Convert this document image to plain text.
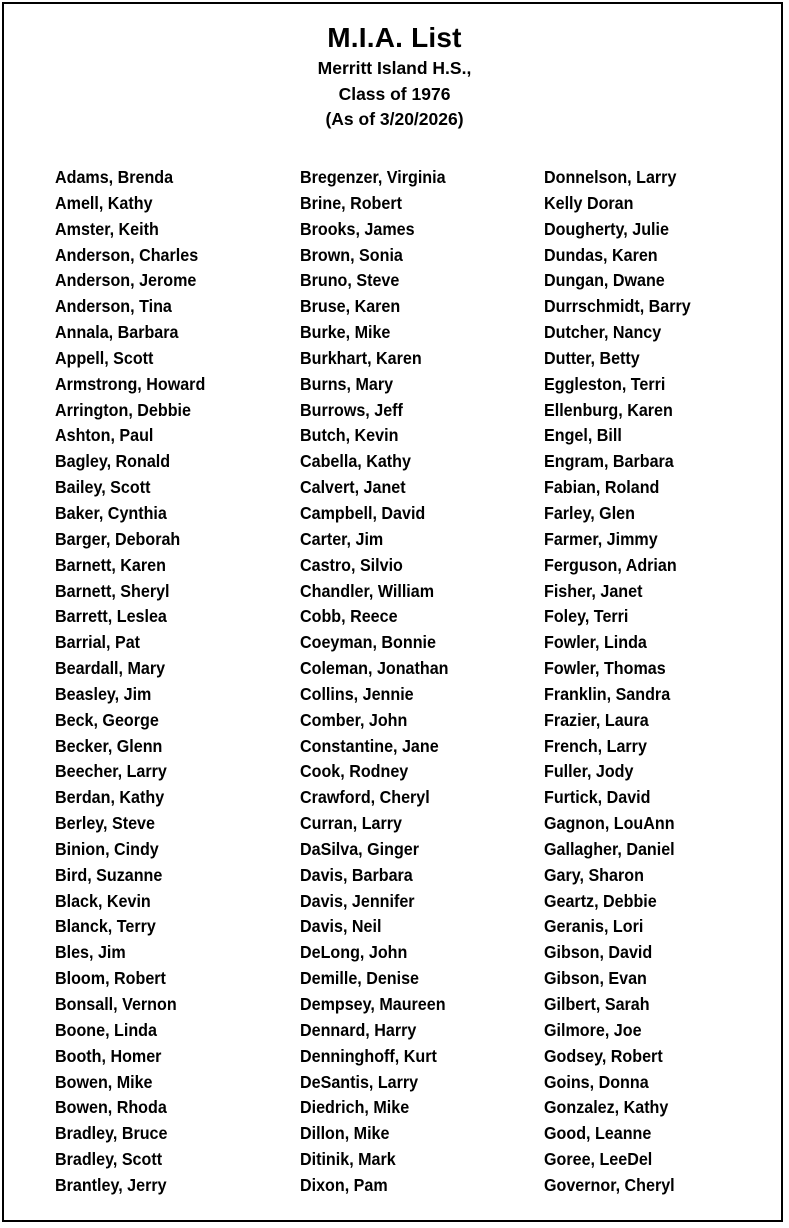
M.I.A. List
Merritt Island H.S.,
Class of 1976
(As of 3/20/2026)
Adams, Brenda
Amell, Kathy
Amster, Keith
Anderson, Charles
Anderson, Jerome
Anderson, Tina
Annala, Barbara
Appell, Scott
Armstrong, Howard
Arrington, Debbie
Ashton, Paul
Bagley, Ronald
Bailey, Scott
Baker, Cynthia
Barger, Deborah
Barnett, Karen
Barnett, Sheryl
Barrett, Leslea
Barrial, Pat
Beardall, Mary
Beasley, Jim
Beck, George
Becker, Glenn
Beecher, Larry
Berdan, Kathy
Berley, Steve
Binion, Cindy
Bird, Suzanne
Black, Kevin
Blanck, Terry
Bles, Jim
Bloom, Robert
Bonsall, Vernon
Boone, Linda
Booth, Homer
Bowen, Mike
Bowen, Rhoda
Bradley, Bruce
Bradley, Scott
Brantley, Jerry
Bregenzer, Virginia
Brine, Robert
Brooks, James
Brown, Sonia
Bruno, Steve
Bruse, Karen
Burke, Mike
Burkhart, Karen
Burns, Mary
Burrows, Jeff
Butch, Kevin
Cabella, Kathy
Calvert, Janet
Campbell, David
Carter, Jim
Castro, Silvio
Chandler, William
Cobb, Reece
Coeyman, Bonnie
Coleman, Jonathan
Collins, Jennie
Comber, John
Constantine, Jane
Cook, Rodney
Crawford, Cheryl
Curran, Larry
DaSilva, Ginger
Davis, Barbara
Davis, Jennifer
Davis, Neil
DeLong, John
Demille, Denise
Dempsey, Maureen
Dennard, Harry
Denninghoff, Kurt
DeSantis, Larry
Diedrich, Mike
Dillon, Mike
Ditinik, Mark
Dixon, Pam
Donnelson, Larry
Kelly Doran
Dougherty, Julie
Dundas, Karen
Dungan, Dwane
Durrschmidt, Barry
Dutcher, Nancy
Dutter, Betty
Eggleston, Terri
Ellenburg, Karen
Engel, Bill
Engram, Barbara
Fabian, Roland
Farley, Glen
Farmer, Jimmy
Ferguson, Adrian
Fisher, Janet
Foley, Terri
Fowler, Linda
Fowler, Thomas
Franklin, Sandra
Frazier, Laura
French, Larry
Fuller, Jody
Furtick, David
Gagnon, LouAnn
Gallagher, Daniel
Gary, Sharon
Geartz, Debbie
Geranis, Lori
Gibson, David
Gibson, Evan
Gilbert, Sarah
Gilmore, Joe
Godsey, Robert
Goins, Donna
Gonzalez, Kathy
Good, Leanne
Goree, LeeDel
Governor, Cheryl
